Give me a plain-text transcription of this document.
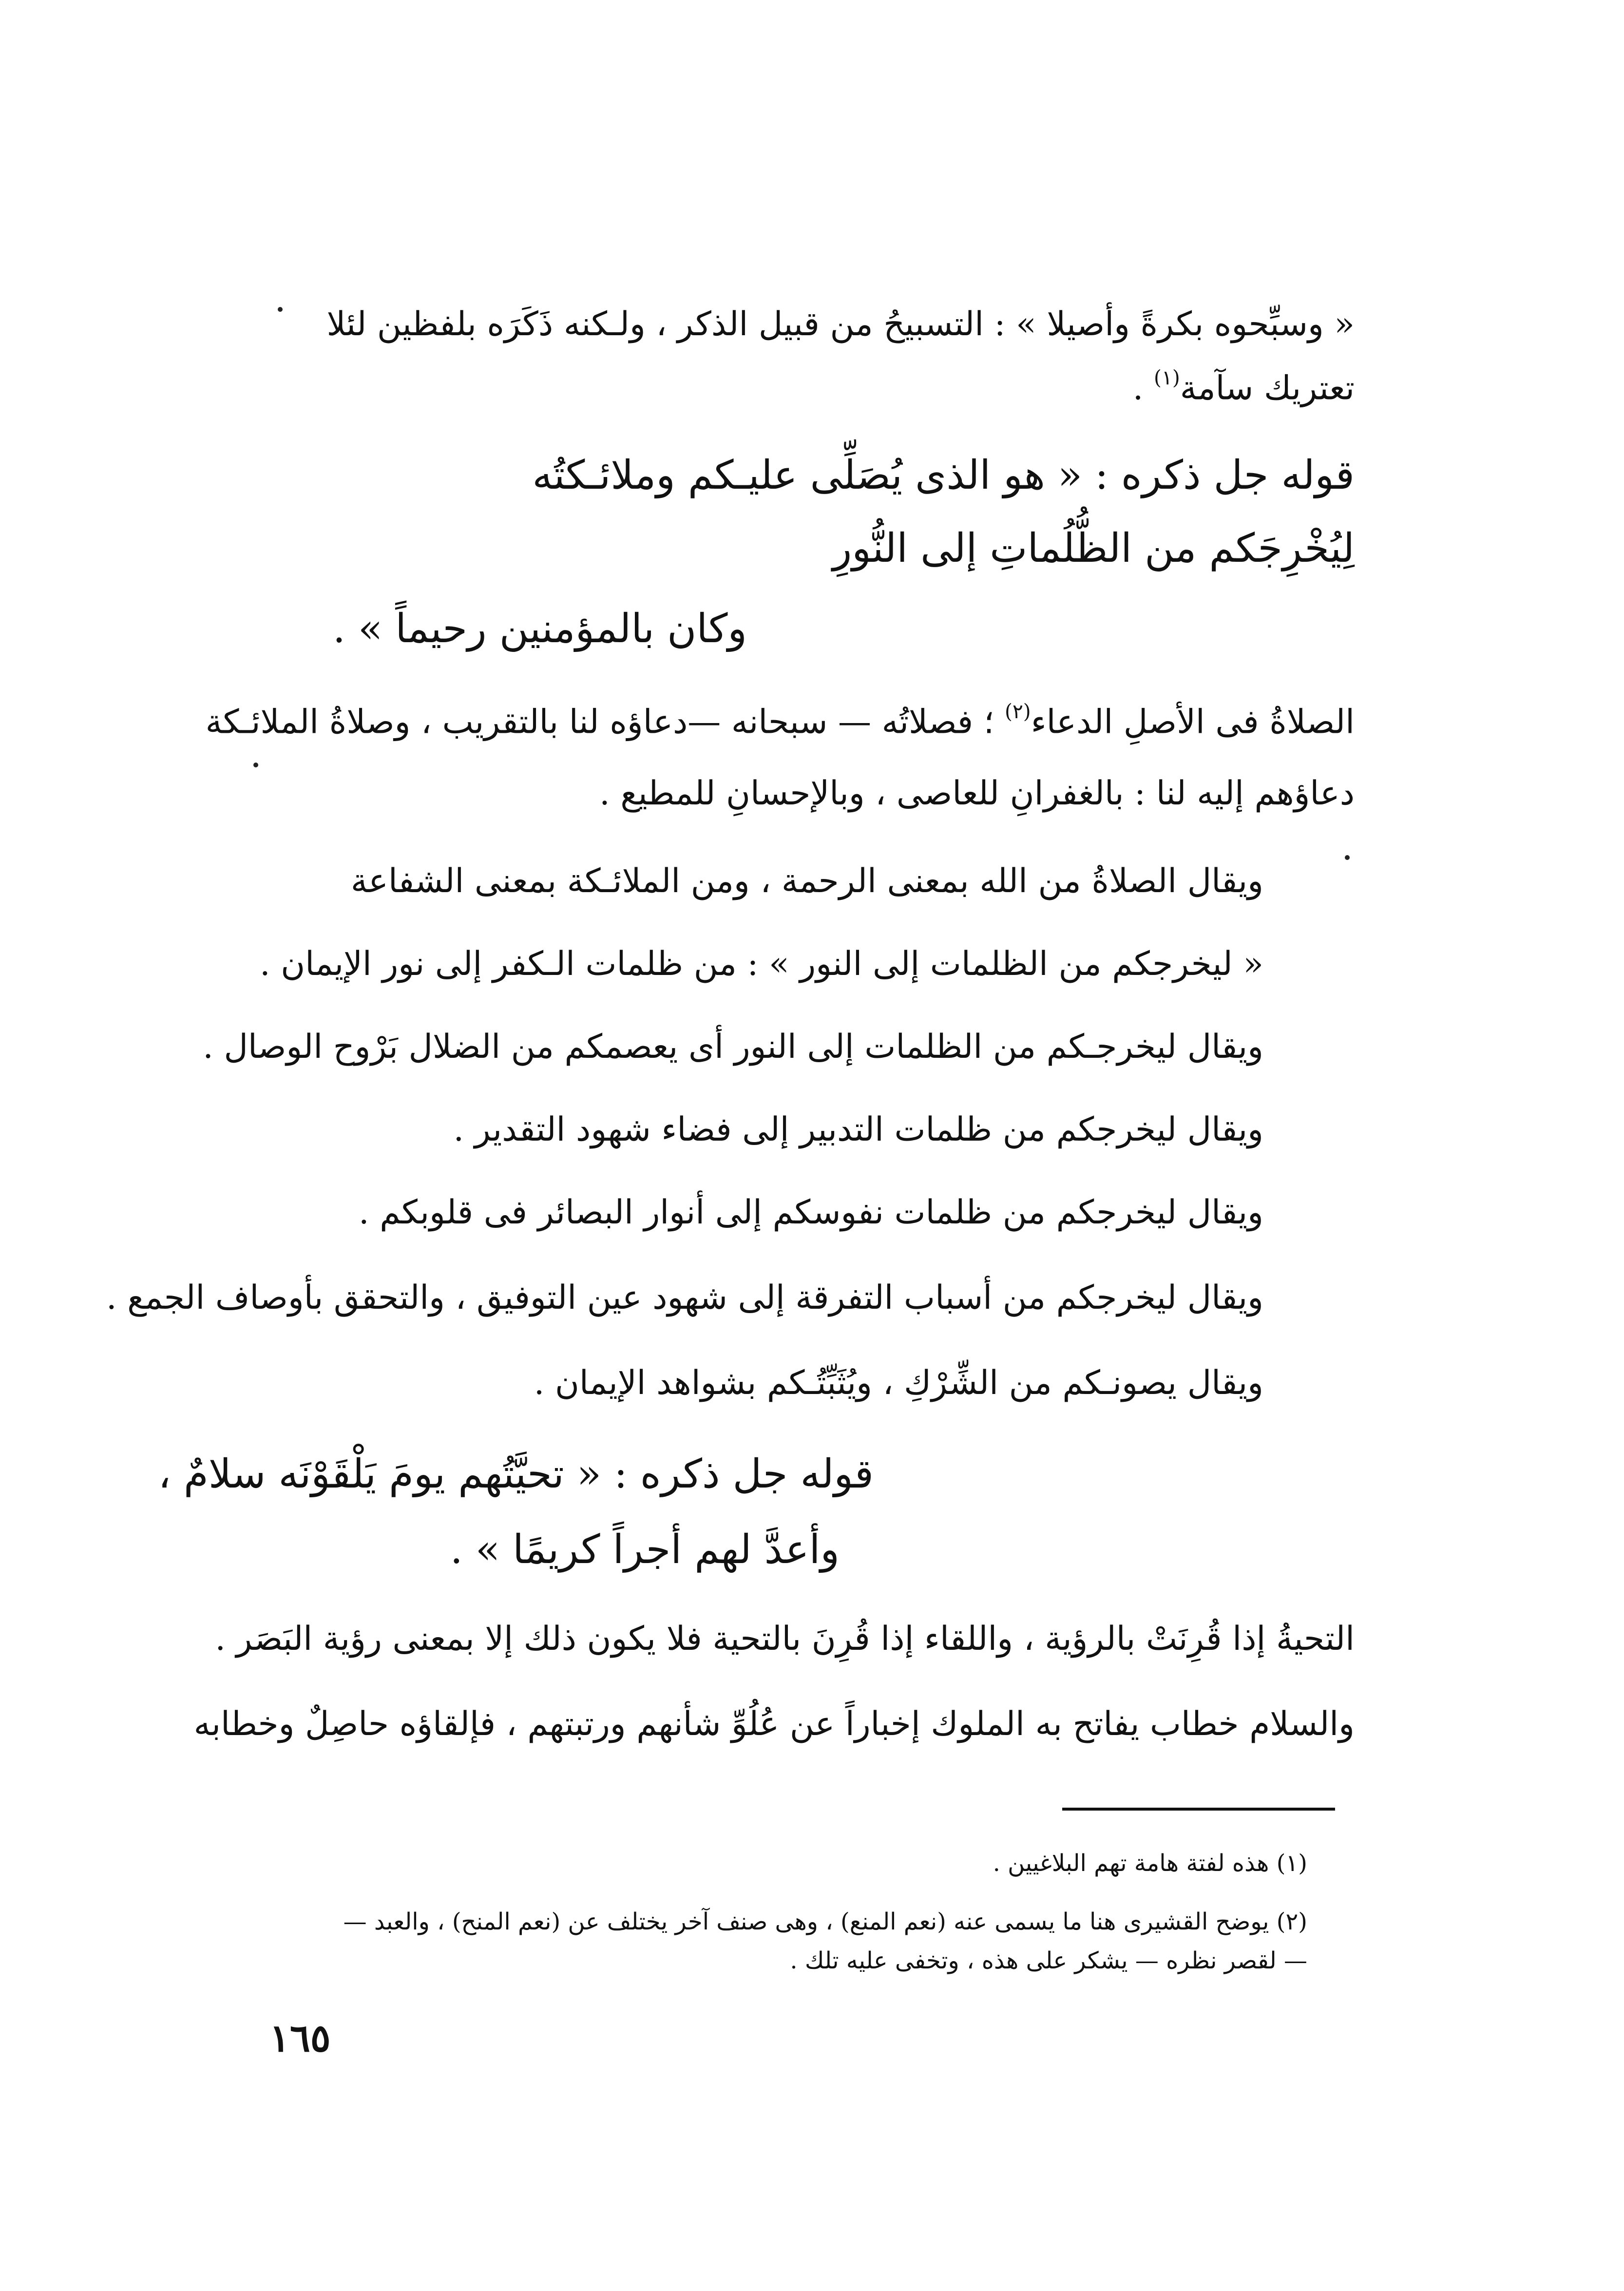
« وسبِّحوه بكرةً وأصيلا » : التسبيحُ من قبيل الذكر ، ولـكنه ذَكَرَه بلفظين لئلا
تعتريك سآمة$^{(١)}$ .
قوله جل ذكره : « هو الذى يُصَلِّى عليـكم وملائـكتُه
لِيُخْرِجَكم من الظُّلُماتِ إلى النُّورِ
وكان بالمؤمنين رحيماً » .
الصلاةُ فى الأصلِ الدعاء$^{(٢)}$ ؛ فصلاتُه — سبحانه —دعاؤه لنا بالتقريب ، وصلاةُ الملائـكة
دعاؤهم إليه لنا : بالغفرانِ للعاصى ، وبالإحسانِ للمطيع .
ويقال الصلاةُ من الله بمعنى الرحمة ، ومن الملائـكة بمعنى الشفاعة
« ليخرجكم من الظلمات إلى النور » : من ظلمات الـكفر إلى نور الإيمان .
ويقال ليخرجـكم من الظلمات إلى النور أى يعصمكم من الضلال بَرْوح الوصال .
ويقال ليخرجكم من ظلمات التدبير إلى فضاء شهود التقدير .
ويقال ليخرجكم من ظلمات نفوسكم إلى أنوار البصائر فى قلوبكم .
ويقال ليخرجكم من أسباب التفرقة إلى شهود عين التوفيق ، والتحقق بأوصاف الجمع .
ويقال يصونـكم من الشِّرْكِ ، ويُثَبِّتُـكم بشواهد الإيمان .
قوله جل ذكره : « تحيَّتُهم يومَ يَلْقَوْنَه سلامٌ ،
وأعدَّ لهم أجراً كريمًا » .
التحيةُ إذا قُرِنَتْ بالرؤية ، واللقاء إذا قُرِنَ بالتحية فلا يكون ذلك إلا بمعنى رؤية البَصَر .
والسلام خطاب يفاتح به الملوك إخباراً عن عُلُوِّ شأنهم ورتبتهم ، فإلقاؤه حاصِلٌ وخطابه
(١) هذه لفتة هامة تهم البلاغيين .
(٢) يوضح القشيرى هنا ما يسمى عنه (نعم المنع) ، وهى صنف آخر يختلف عن (نعم المنح) ، والعبد —
— لقصر نظره — يشكر على هذه ، وتخفى عليه تلك .
١٦٥
